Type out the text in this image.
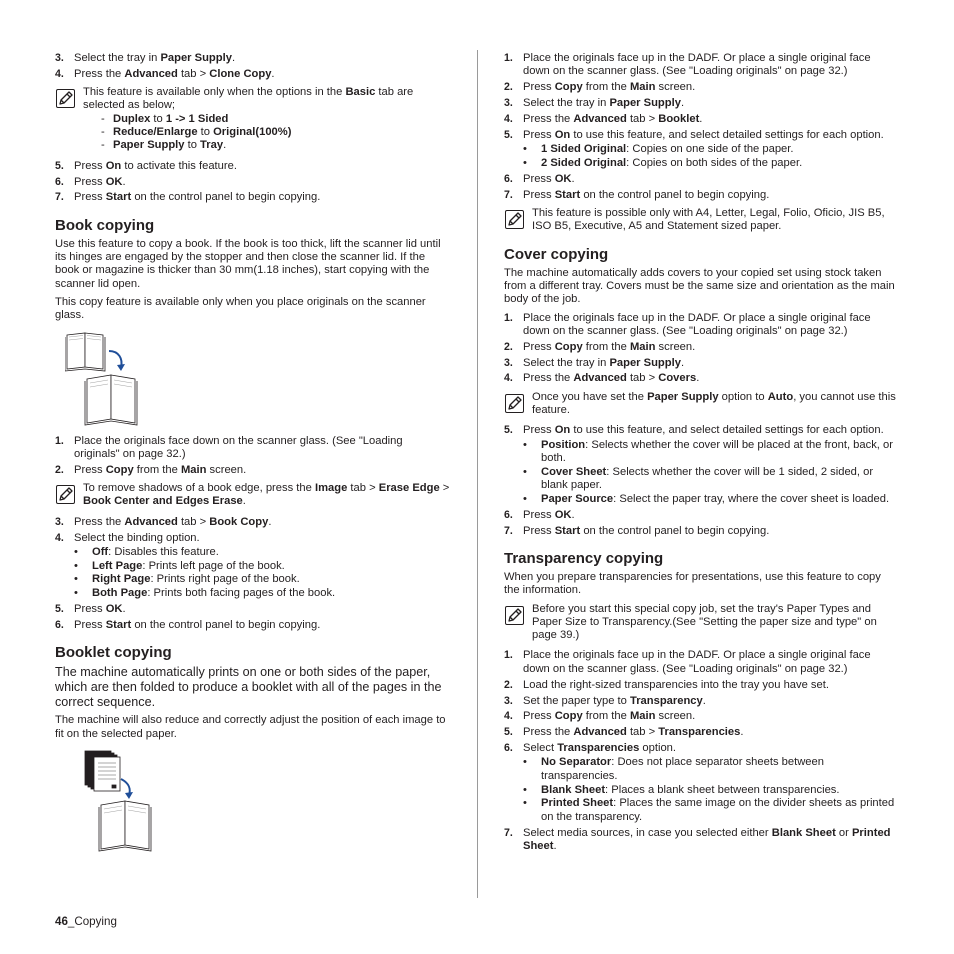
3. Select the tray in Paper Supply.
4. Press the Advanced tab > Clone Copy.
This feature is available only when the options in the Basic tab are selected as below;
- Duplex to 1 -> 1 Sided
- Reduce/Enlarge to Original(100%)
- Paper Supply to Tray.
5. Press On to activate this feature.
6. Press OK.
7. Press Start on the control panel to begin copying.
Book copying

Use this feature to copy a book. If the book is too thick, lift the scanner lid until its hinges are engaged by the stopper and then close the scanner lid. If the book or magazine is thicker than 30 mm(1.18 inches), start copying with the scanner lid open.

This copy feature is available only when you place originals on the scanner glass.

1. Place the originals face down on the scanner glass. (See "Loading originals" on page 32.)
2. Press Copy from the Main screen.
To remove shadows of a book edge, press the Image tab > Erase Edge > Book Center and Edges Erase.
3. Press the Advanced tab > Book Copy.
4. Select the binding option.
• Off: Disables this feature.
• Left Page: Prints left page of the book.
• Right Page: Prints right page of the book.
• Both Page: Prints both facing pages of the book.
5. Press OK.
6. Press Start on the control panel to begin copying.
Booklet copying

The machine automatically prints on one or both sides of the paper, which are then folded to produce a booklet with all of the pages in the correct sequence.

The machine will also reduce and correctly adjust the position of each image to fit on the selected paper.

1. Place the originals face up in the DADF. Or place a single original face down on the scanner glass. (See "Loading originals" on page 32.)
2. Press Copy from the Main screen.
3. Select the tray in Paper Supply.
4. Press the Advanced tab > Booklet.
5. Press On to use this feature, and select detailed settings for each option.
• 1 Sided Original: Copies on one side of the paper.
• 2 Sided Original: Copies on both sides of the paper.
6. Press OK.
7. Press Start on the control panel to begin copying.
This feature is possible only with A4, Letter, Legal, Folio, Oficio, JIS B5, ISO B5, Executive, A5 and Statement sized paper.
Cover copying

The machine automatically adds covers to your copied set using stock taken from a different tray. Covers must be the same size and orientation as the main body of the job.

1. Place the originals face up in the DADF. Or place a single original face down on the scanner glass. (See "Loading originals" on page 32.)
2. Press Copy from the Main screen.
3. Select the tray in Paper Supply.
4. Press the Advanced tab > Covers.
Once you have set the Paper Supply option to Auto, you cannot use this feature.
5. Press On to use this feature, and select detailed settings for each option.
• Position: Selects whether the cover will be placed at the front, back, or both.
• Cover Sheet: Selects whether the cover will be 1 sided, 2 sided, or blank paper.
• Paper Source: Select the paper tray, where the cover sheet is loaded.
6. Press OK.
7. Press Start on the control panel to begin copying.
Transparency copying

When you prepare transparencies for presentations, use this feature to copy the information.

Before you start this special copy job, set the tray's Paper Types and Paper Size to Transparency.(See "Setting the paper size and type" on page 39.)
1. Place the originals face up in the DADF. Or place a single original face down on the scanner glass. (See "Loading originals" on page 32.)
2. Load the right-sized transparencies into the tray you have set.
3. Set the paper type to Transparency.
4. Press Copy from the Main screen.
5. Press the Advanced tab > Transparencies.
6. Select Transparencies option.
• No Separator: Does not place separator sheets between transparencies.
• Blank Sheet: Places a blank sheet between transparencies.
• Printed Sheet: Places the same image on the divider sheets as printed on the transparency.
7. Select media sources, in case you selected either Blank Sheet or Printed Sheet.
46_Copying
